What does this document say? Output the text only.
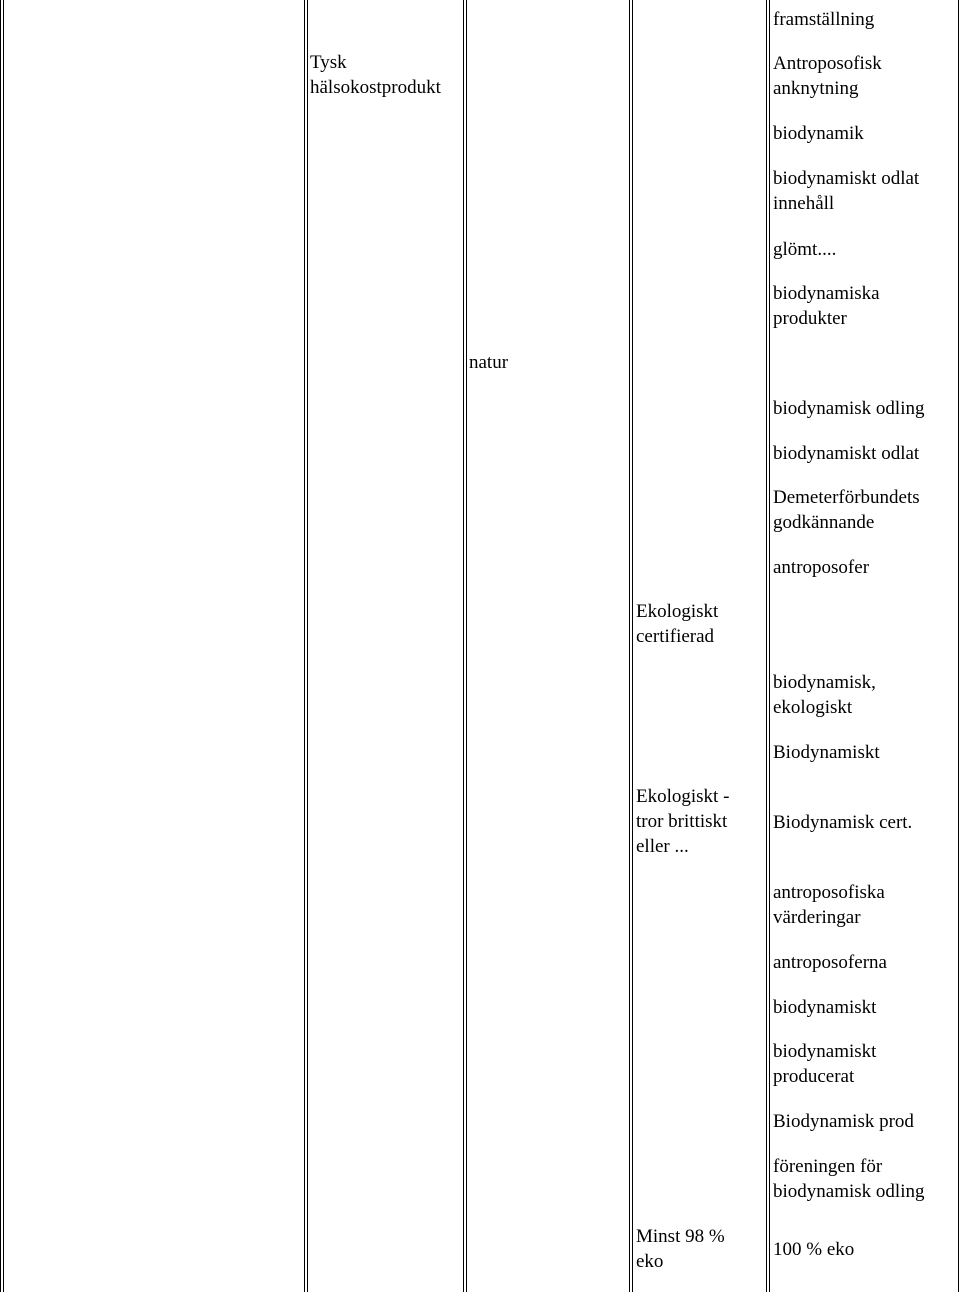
Tysk hälsokostprodukt
natur
Ekologiskt certifierad
Ekologiskt - tror brittiskt eller ...
Minst 98 % eko
framställning
Antroposofisk anknytning
biodynamik
biodynamiskt odlat innehåll
glömt....
biodynamiska produkter
biodynamisk odling
biodynamiskt odlat
Demeterförbundets godkännande
antroposofer
biodynamisk, ekologiskt
Biodynamiskt
Biodynamisk cert.
antroposofiska värderingar
antroposoferna
biodynamiskt
biodynamiskt producerat
Biodynamisk prod
föreningen för biodynamisk odling
100 % eko
